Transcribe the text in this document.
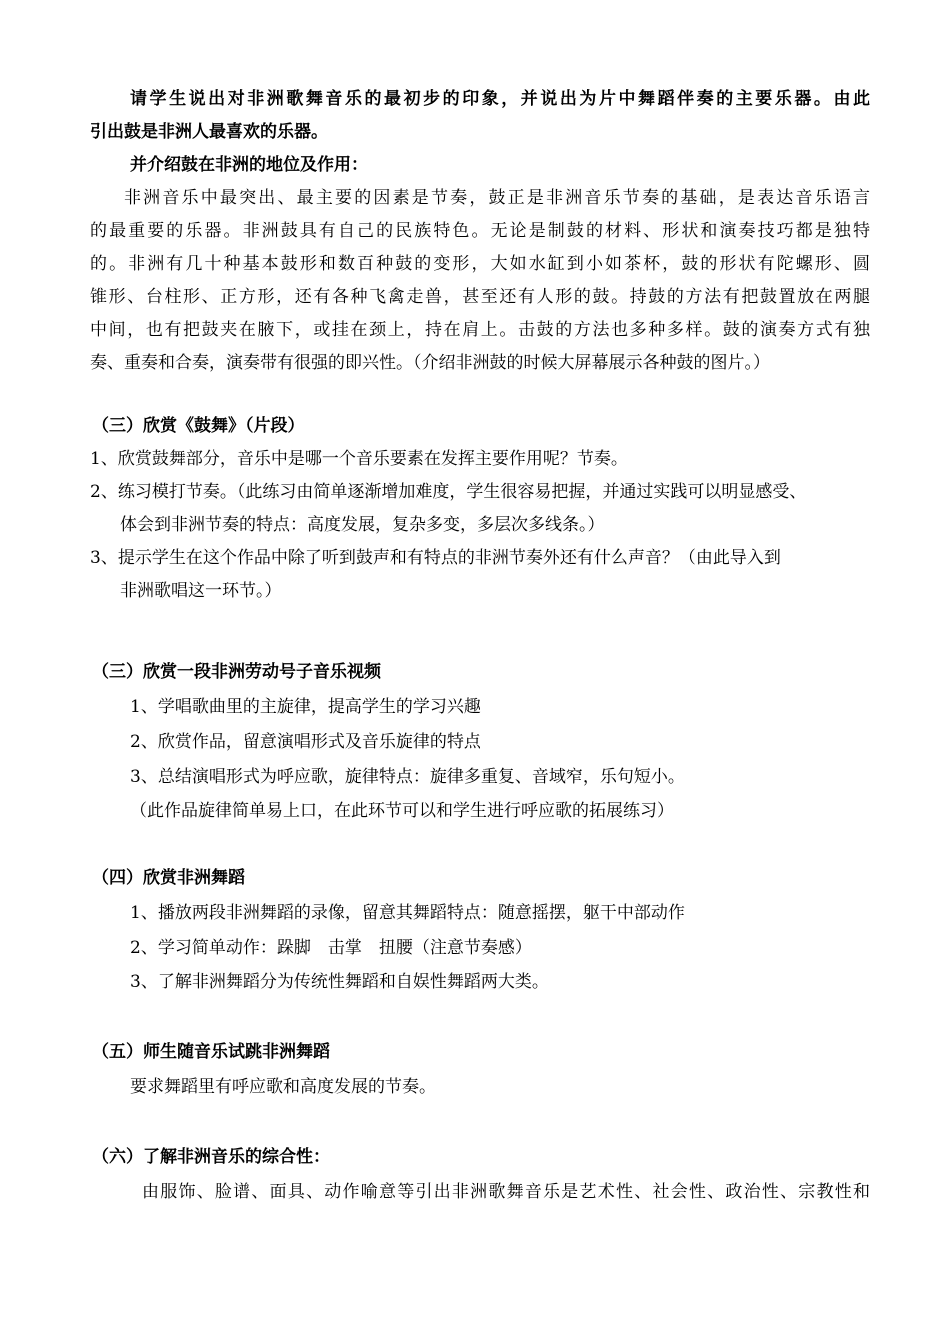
请学生说出对非洲歌舞音乐的最初步的印象，并说出为片中舞蹈伴奏的主要乐器。由此
引出鼓是非洲人最喜欢的乐器。
并介绍鼓在非洲的地位及作用：
非洲音乐中最突出、最主要的因素是节奏，鼓正是非洲音乐节奏的基础，是表达音乐语言
的最重要的乐器。非洲鼓具有自己的民族特色。无论是制鼓的材料、形状和演奏技巧都是独特
的。非洲有几十种基本鼓形和数百种鼓的变形，大如水缸到小如茶杯，鼓的形状有陀螺形、圆
锥形、台柱形、正方形，还有各种飞禽走兽，甚至还有人形的鼓。持鼓的方法有把鼓置放在两腿
中间，也有把鼓夹在腋下，或挂在颈上，持在肩上。击鼓的方法也多种多样。鼓的演奏方式有独
奏、重奏和合奏，演奏带有很强的即兴性。（介绍非洲鼓的时候大屏幕展示各种鼓的图片。）
（三）欣赏《鼓舞》（片段）
1、欣赏鼓舞部分，音乐中是哪一个音乐要素在发挥主要作用呢？节奏。
2、练习模打节奏。（此练习由简单逐渐增加难度，学生很容易把握，并通过实践可以明显感受、
体会到非洲节奏的特点：高度发展，复杂多变，多层次多线条。）
3、提示学生在这个作品中除了听到鼓声和有特点的非洲节奏外还有什么声音？（由此导入到
非洲歌唱这一环节。）
（三）欣赏一段非洲劳动号子音乐视频
1、学唱歌曲里的主旋律，提高学生的学习兴趣
2、欣赏作品，留意演唱形式及音乐旋律的特点
3、总结演唱形式为呼应歌，旋律特点：旋律多重复、音域窄，乐句短小。
（此作品旋律简单易上口，在此环节可以和学生进行呼应歌的拓展练习）
（四）欣赏非洲舞蹈
1、播放两段非洲舞蹈的录像，留意其舞蹈特点：随意摇摆，躯干中部动作
2、学习简单动作：跺脚　击掌　扭腰（注意节奏感）
3、了解非洲舞蹈分为传统性舞蹈和自娱性舞蹈两大类。
（五）师生随音乐试跳非洲舞蹈
要求舞蹈里有呼应歌和高度发展的节奏。
（六）了解非洲音乐的综合性：
由服饰、脸谱、面具、动作喻意等引出非洲歌舞音乐是艺术性、社会性、政治性、宗教性和
